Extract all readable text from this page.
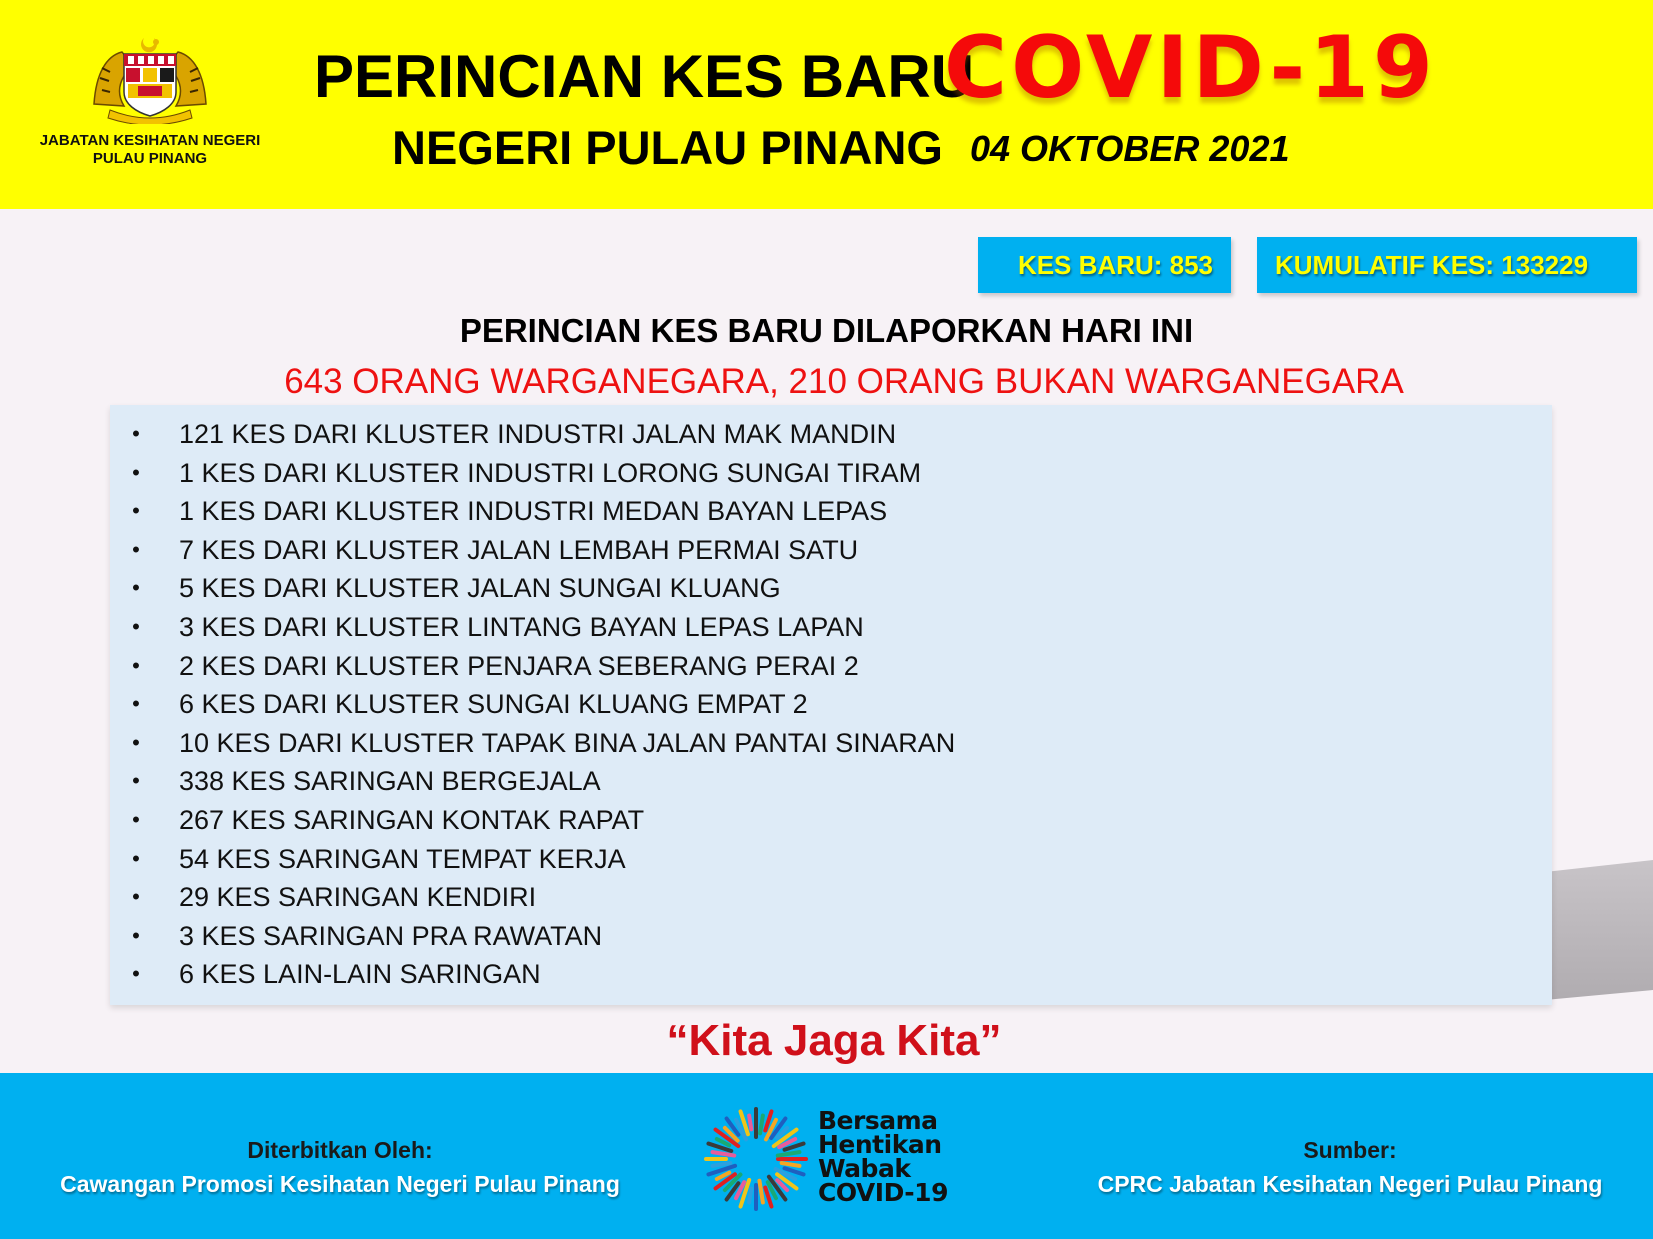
JABATAN KESIHATAN NEGERI
PULAU PINANG
PERINCIAN KES BARU
COVID-19
NEGERI PULAU PINANG 04 OKTOBER 2021
KES BARU: 853	KUMULATIF KES: 133229
PERINCIAN KES BARU DILAPORKAN HARI INI
643 ORANG WARGANEGARA, 210 ORANG BUKAN WARGANEGARA
• 121 KES DARI KLUSTER INDUSTRI JALAN MAK MANDIN
• 1 KES DARI KLUSTER INDUSTRI LORONG SUNGAI TIRAM
• 1 KES DARI KLUSTER INDUSTRI MEDAN BAYAN LEPAS
• 7 KES DARI KLUSTER JALAN LEMBAH PERMAI SATU
• 5 KES DARI KLUSTER JALAN SUNGAI KLUANG
• 3 KES DARI KLUSTER LINTANG BAYAN LEPAS LAPAN
• 2 KES DARI KLUSTER PENJARA SEBERANG PERAI 2
• 6 KES DARI KLUSTER SUNGAI KLUANG EMPAT 2
• 10 KES DARI KLUSTER TAPAK BINA JALAN PANTAI SINARAN
• 338 KES SARINGAN BERGEJALA
• 267 KES SARINGAN KONTAK RAPAT
• 54 KES SARINGAN TEMPAT KERJA
• 29 KES SARINGAN KENDIRI
• 3 KES SARINGAN PRA RAWATAN
• 6 KES LAIN-LAIN SARINGAN
“Kita Jaga Kita”
Diterbitkan Oleh:
Cawangan Promosi Kesihatan Negeri Pulau Pinang
Bersama
Hentikan
Wabak
COVID-19
Sumber:
CPRC Jabatan Kesihatan Negeri Pulau Pinang
